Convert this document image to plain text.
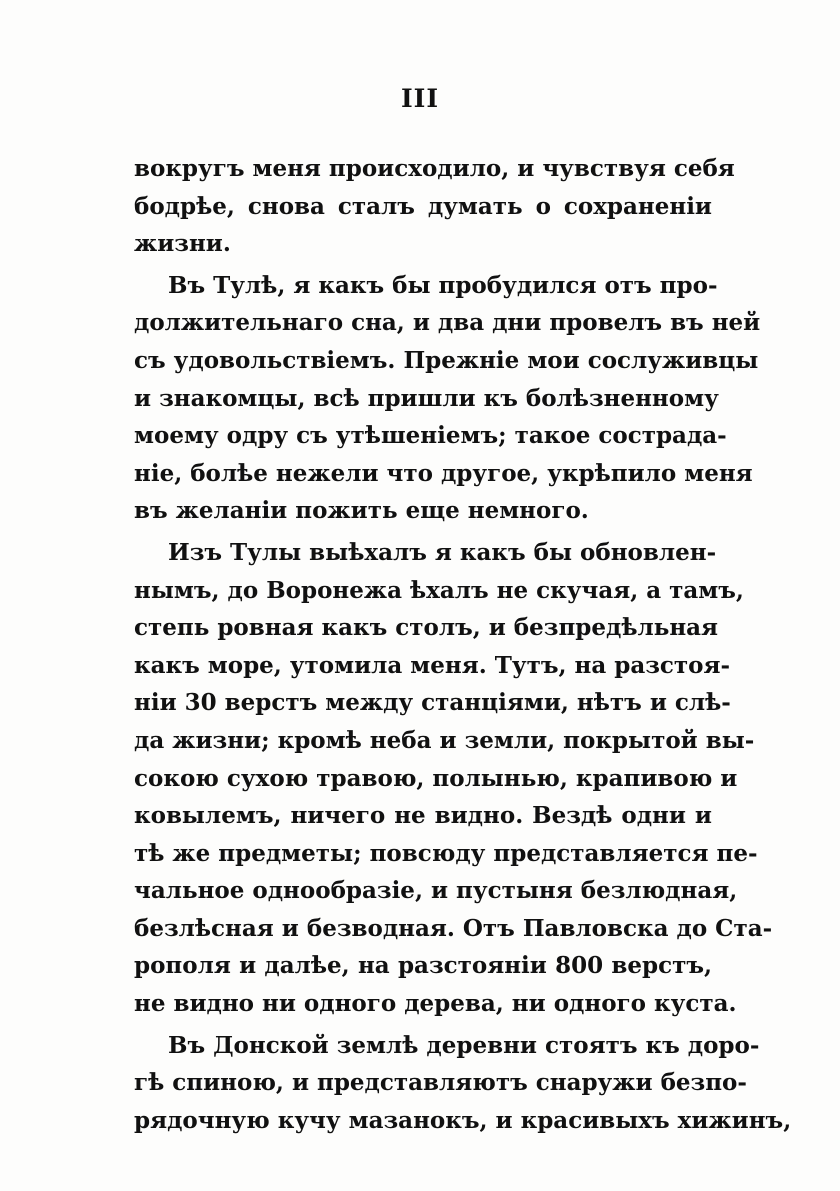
III
вокругъ меня происходило, и чувствуя себя
бодрѣе, снова сталъ думать о сохраненіи
жизни.
Въ Тулѣ, я какъ бы пробудился отъ про-
должительнаго сна, и два дни провелъ въ ней
съ удовольствіемъ. Прежніе мои сослуживцы
и знакомцы, всѣ пришли къ болѣзненному
моему одру съ утѣшеніемъ; такое сострада-
ніе, болѣе нежели что другое, укрѣпило меня
въ желаніи пожить еще немного.
Изъ Тулы выѣхалъ я какъ бы обновлен-
нымъ, до Воронежа ѣхалъ не скучая, а тамъ,
степь ровная какъ столъ, и безпредѣльная
какъ море, утомила меня. Тутъ, на разстоя-
ніи 30 верстъ между станціями, нѣтъ и слѣ-
да жизни; кромѣ неба и земли, покрытой вы-
сокою сухою травою, полынью, крапивою и
ковылемъ, ничего не видно. Вездѣ одни и
тѣ же предметы; повсюду представляется пе-
чальное однообразіе, и пустыня безлюдная,
безлѣсная и безводная. Отъ Павловска до Ста-
рополя и далѣе, на разстояніи 800 верстъ,
не видно ни одного дерева, ни одного куста.
Въ Донской землѣ деревни стоятъ къ доро-
гѣ спиною, и представляютъ снаружи безпо-
рядочную кучу мазанокъ, и красивыхъ хижинъ,
